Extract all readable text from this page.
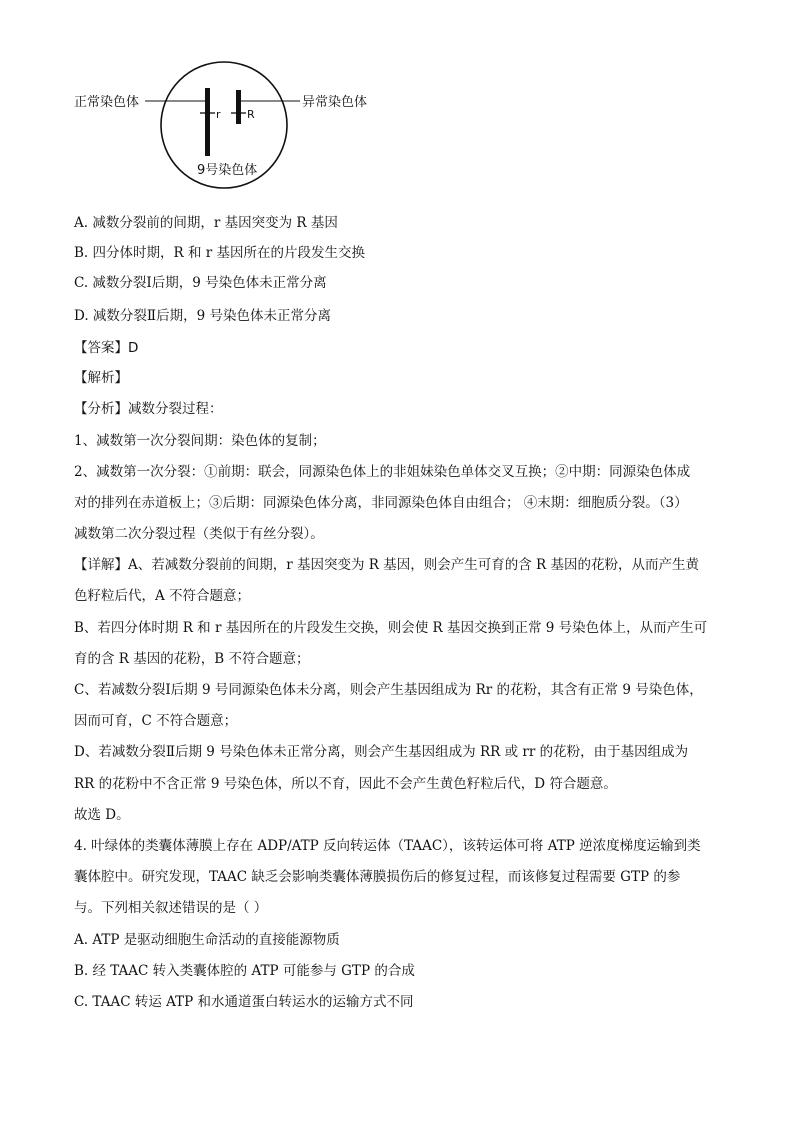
正常染色体	异常染色体
r R
9号染色体
A. 减数分裂前的间期，r 基因突变为 R 基因
B. 四分体时期，R 和 r 基因所在的片段发生交换
C. 减数分裂Ⅰ后期，9 号染色体未正常分离
D. 减数分裂Ⅱ后期，9 号染色体未正常分离
【答案】D
【解析】
【分析】减数分裂过程：
1、减数第一次分裂间期：染色体的复制；
2、减数第一次分裂：①前期：联会，同源染色体上的非姐妹染色单体交叉互换；②中期：同源染色体成
对的排列在赤道板上；③后期：同源染色体分离，非同源染色体自由组合； ④末期：细胞质分裂。（3）
减数第二次分裂过程（类似于有丝分裂）。
【详解】A、若减数分裂前的间期，r 基因突变为 R 基因，则会产生可育的含 R 基因的花粉，从而产生黄
色籽粒后代，A 不符合题意；
B、若四分体时期 R 和 r 基因所在的片段发生交换，则会使 R 基因交换到正常 9 号染色体上，从而产生可
育的含 R 基因的花粉，B 不符合题意；
C、若减数分裂Ⅰ后期 9 号同源染色体未分离，则会产生基因组成为 Rr 的花粉，其含有正常 9 号染色体，
因而可育，C 不符合题意；
D、若减数分裂Ⅱ后期 9 号染色体未正常分离，则会产生基因组成为 RR 或 rr 的花粉，由于基因组成为
RR 的花粉中不含正常 9 号染色体，所以不育，因此不会产生黄色籽粒后代，D 符合题意。
故选 D。
4. 叶绿体的类囊体薄膜上存在 ADP/ATP 反向转运体（TAAC），该转运体可将 ATP 逆浓度梯度运输到类
囊体腔中。研究发现，TAAC 缺乏会影响类囊体薄膜损伤后的修复过程，而该修复过程需要 GTP 的参
与。下列相关叙述错误的是（ ）
A. ATP 是驱动细胞生命活动的直接能源物质
B. 经 TAAC 转入类囊体腔的 ATP 可能参与 GTP 的合成
C. TAAC 转运 ATP 和水通道蛋白转运水的运输方式不同
